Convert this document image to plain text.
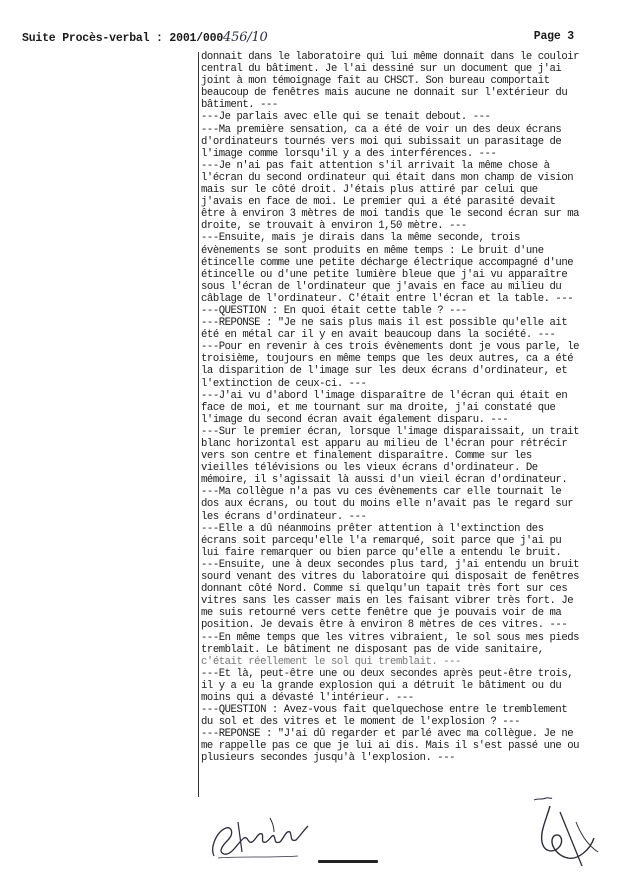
Suite Procès-verbal : 2001/000456/10	Page 3
donnait dans le laboratoire qui lui même donnait dans le couloir
central du bâtiment. Je l'ai dessiné sur un document que j'ai
joint à mon témoignage fait au CHSCT. Son bureau comportait
beaucoup de fenêtres mais aucune ne donnait sur l'extérieur du
bâtiment. ---
---Je parlais avec elle qui se tenait debout. ---
---Ma première sensation, ca a été de voir un des deux écrans
d'ordinateurs tournés vers moi qui subissait un parasitage de
l'image comme lorsqu'il y a des interférences. ---
---Je n'ai pas fait attention s'il arrivait la même chose à
l'écran du second ordinateur qui était dans mon champ de vision
mais sur le côté droit. J'étais plus attiré par celui que
j'avais en face de moi. Le premier qui a été parasité devait
être à environ 3 mètres de moi tandis que le second écran sur ma
droite, se trouvait à environ 1,50 mètre. ---
---Ensuite, mais je dirais dans la même seconde, trois
évènements se sont produits en même temps : Le bruit d'une
étincelle comme une petite décharge électrique accompagné d'une
étincelle ou d'une petite lumière bleue que j'ai vu apparaître
sous l'écran de l'ordinateur que j'avais en face au milieu du
câblage de l'ordinateur. C'était entre l'écran et la table. ---
---QUESTION : En quoi était cette table ? ---
---REPONSE : "Je ne sais plus mais il est possible qu'elle ait
été en métal car il y en avait beaucoup dans la société. ---
---Pour en revenir à ces trois évènements dont je vous parle, le
troisième, toujours en même temps que les deux autres, ca a été
la disparition de l'image sur les deux écrans d'ordinateur, et
l'extinction de ceux-ci. ---
---J'ai vu d'abord l'image disparaître de l'écran qui était en
face de moi, et me tournant sur ma droite, j'ai constaté que
l'image du second écran avait également disparu. ---
---Sur le premier écran, lorsque l'image disparaissait, un trait
blanc horizontal est apparu au milieu de l'écran pour rétrécir
vers son centre et finalement disparaître. Comme sur les
vieilles télévisions ou les vieux écrans d'ordinateur. De
mémoire, il s'agissait là aussi d'un vieil écran d'ordinateur.
---Ma collègue n'a pas vu ces évènements car elle tournait le
dos aux écrans, ou tout du moins elle n'avait pas le regard sur
les écrans d'ordinateur. ---
---Elle a dû néanmoins prêter attention à l'extinction des
écrans soit parcequ'elle l'a remarqué, soit parce que j'ai pu
lui faire remarquer ou bien parce qu'elle a entendu le bruit.
---Ensuite, une à deux secondes plus tard, j'ai entendu un bruit
sourd venant des vitres du laboratoire qui disposait de fenêtres
donnant côté Nord. Comme si quelqu'un tapait très fort sur ces
vitres sans les casser mais en les faisant vibrer très fort. Je
me suis retourné vers cette fenêtre que je pouvais voir de ma
position. Je devais être à environ 8 mètres de ces vitres. ---
---En même temps que les vitres vibraient, le sol sous mes pieds
tremblait. Le bâtiment ne disposant pas de vide sanitaire,
c'était réellement le sol qui tremblait. ---
---Et là, peut-être une ou deux secondes après peut-être trois,
il y a eu la grande explosion qui a détruit le bâtiment ou du
moins qui a dévasté l'intérieur. ---
---QUESTION : Avez-vous fait quelquechose entre le tremblement
du sol et des vitres et le moment de l'explosion ? ---
---REPONSE : "J'ai dû regarder et parlé avec ma collègue. Je ne
me rappelle pas ce que je lui ai dis. Mais il s'est passé une ou
plusieurs secondes jusqu'à l'explosion. ---
